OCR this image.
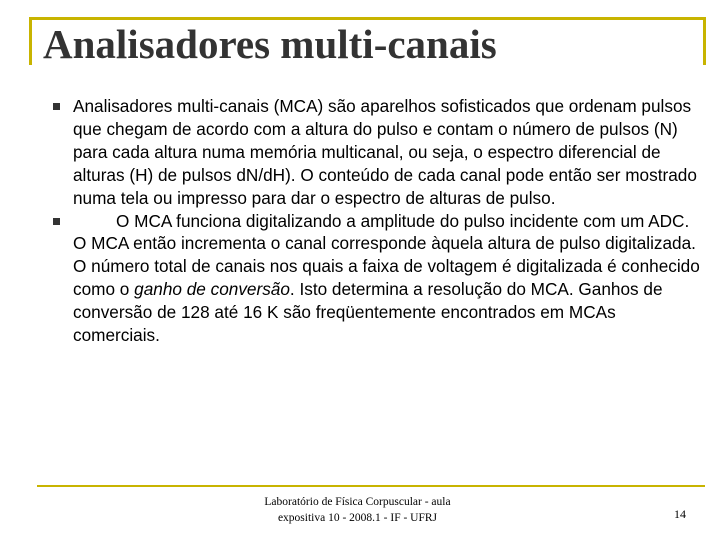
Analisadores multi-canais
Analisadores multi-canais (MCA) são aparelhos sofisticados que ordenam pulsos que chegam de acordo com a altura do pulso e contam o número de pulsos (N) para cada altura numa memória multicanal, ou seja, o espectro diferencial de alturas (H) de pulsos dN/dH). O conteúdo de cada canal pode então ser mostrado numa tela ou impresso para dar o espectro de alturas de pulso.
O MCA funciona digitalizando a amplitude do pulso incidente com um ADC. O MCA então incrementa o canal corresponde àquela altura de pulso digitalizada. O número total de canais nos quais a faixa de voltagem é digitalizada é conhecido como o ganho de conversão. Isto determina a resolução do MCA. Ganhos de conversão de 128 até 16 K são freqüentemente encontrados em MCAs comerciais.
Laboratório de Física Corpuscular - aula
expositiva 10 - 2008.1 - IF - UFRJ	14
